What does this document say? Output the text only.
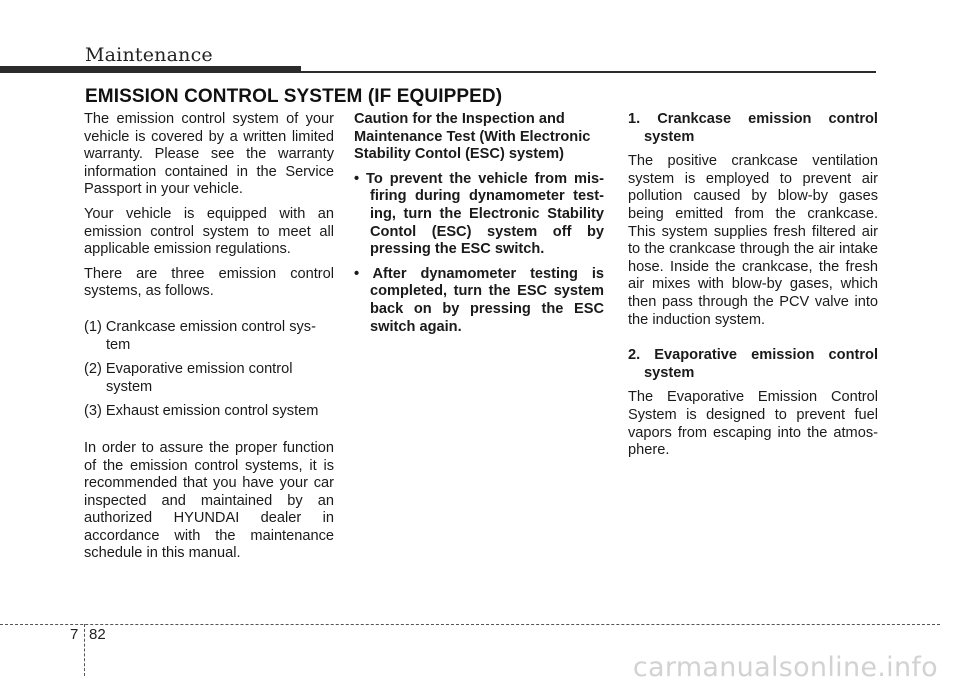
Maintenance
EMISSION CONTROL SYSTEM (IF EQUIPPED)

The emission control system of your vehicle is covered by a written limited warranty. Please see the warranty information contained in the Service Passport in your vehicle.

Your vehicle is equipped with an emission control system to meet all applicable emission regulations.

There are three emission control systems, as follows.

(1) Crankcase emission control sys-tem

(2) Evaporative emission control system

(3) Exhaust emission control system

In order to assure the proper function of the emission control systems, it is recommended that you have your car inspected and maintained by an authorized HYUNDAI dealer in accordance with the maintenance schedule in this manual.

Caution for the Inspection and Maintenance Test (With Electronic Stability Contol (ESC) system)

• To prevent the vehicle from mis-firing during dynamometer test-ing, turn the Electronic Stability Contol (ESC) system off by pressing the ESC switch.

• After dynamometer testing is completed, turn the ESC system back on by pressing the ESC switch again.

1. Crankcase emission control system

The positive crankcase ventilation system is employed to prevent air pollution caused by blow-by gases being emitted from the crankcase. This system supplies fresh filtered air to the crankcase through the air intake hose. Inside the crankcase, the fresh air mixes with blow-by gases, which then pass through the PCV valve into the induction system.

2. Evaporative emission control system

The Evaporative Emission Control System is designed to prevent fuel vapors from escaping into the atmos-phere.

7 82
carmanualsonline.info
